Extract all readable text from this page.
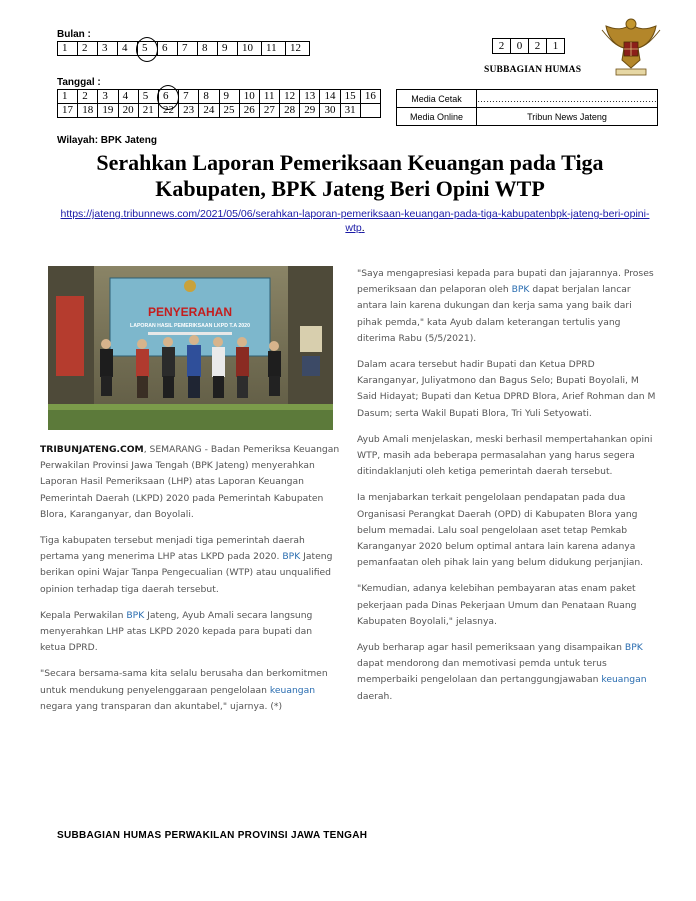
Bulan :
1	2	3	4	5	6	7	8	9	10	11	12	2	0	2	1
SUBBAGIAN HUMAS
Tanggal :
1	2	3	4	5	6	7	8	9	10	11	12	13	14	15	16
17	18	19	20	21	22	23	24	25	26	27	28	29	30	31	
Media Cetak	……………………………………………………
Media Online	Tribun News Jateng
Wilayah: BPK Jateng
Serahkan Laporan Pemeriksaan Keuangan pada Tiga Kabupaten, BPK Jateng Beri Opini WTP
https://jateng.tribunnews.com/2021/05/06/serahkan-laporan-pemeriksaan-keuangan-pada-tiga-kabupatenbpk-jateng-beri-opini-wtp.
PENYERAHAN
LAPORAN HASIL PEMERIKSAAN LKPD T.A 2020

TRIBUNJATENG.COM, SEMARANG - Badan Pemeriksa Keuangan Perwakilan Provinsi Jawa Tengah (BPK Jateng) menyerahkan Laporan Hasil Pemeriksaan (LHP) atas Laporan Keuangan Pemerintah Daerah (LKPD) 2020 pada Pemerintah Kabupaten Blora, Karanganyar, dan Boyolali.

Tiga kabupaten tersebut menjadi tiga pemerintah daerah pertama yang menerima LHP atas LKPD pada 2020. BPK Jateng berikan opini Wajar Tanpa Pengecualian (WTP) atau unqualified opinion terhadap tiga daerah tersebut.

Kepala Perwakilan BPK Jateng, Ayub Amali secara langsung menyerahkan LHP atas LKPD 2020 kepada para bupati dan ketua DPRD.

"Secara bersama-sama kita selalu berusaha dan berkomitmen untuk mendukung penyelenggaraan pengelolaan keuangan negara yang transparan dan akuntabel," ujarnya. (*)

"Saya mengapresiasi kepada para bupati dan jajarannya. Proses pemeriksaan dan pelaporan oleh BPK dapat berjalan lancar antara lain karena dukungan dan kerja sama yang baik dari pihak pemda," kata Ayub dalam keterangan tertulis yang diterima Rabu (5/5/2021).

Dalam acara tersebut hadir Bupati dan Ketua DPRD Karanganyar, Juliyatmono dan Bagus Selo; Bupati Boyolali, M Said Hidayat; Bupati dan Ketua DPRD Blora, Arief Rohman dan M Dasum; serta Wakil Bupati Blora, Tri Yuli Setyowati.

Ayub Amali menjelaskan, meski berhasil mempertahankan opini WTP, masih ada beberapa permasalahan yang harus segera ditindaklanjuti oleh ketiga pemerintah daerah tersebut.

Ia menjabarkan terkait pengelolaan pendapatan pada dua Organisasi Perangkat Daerah (OPD) di Kabupaten Blora yang belum memadai. Lalu soal pengelolaan aset tetap Pemkab Karanganyar 2020 belum optimal antara lain karena adanya pemanfaatan oleh pihak lain yang belum didukung perjanjian.

"Kemudian, adanya kelebihan pembayaran atas enam paket pekerjaan pada Dinas Pekerjaan Umum dan Penataan Ruang Kabupaten Boyolali," jelasnya.

Ayub berharap agar hasil pemeriksaan yang disampaikan BPK dapat mendorong dan memotivasi pemda untuk terus memperbaiki pengelolaan dan pertanggungjawaban keuangan daerah.

SUBBAGIAN HUMAS PERWAKILAN PROVINSI JAWA TENGAH
